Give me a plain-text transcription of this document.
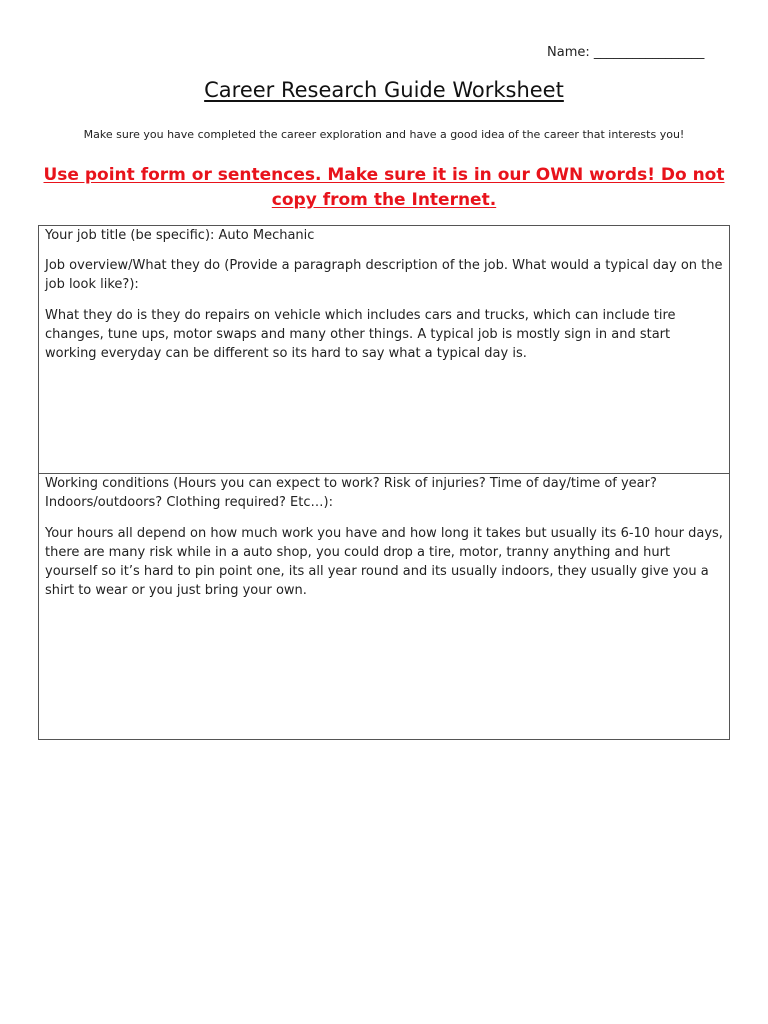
Name: _________________
Career Research Guide Worksheet
Make sure you have completed the career exploration and have a good idea of the career that interests you!
Use point form or sentences. Make sure it is in our OWN words! Do not copy from the Internet.

Your job title (be specific): Auto Mechanic

Job overview/What they do (Provide a paragraph description of the job. What would a typical day on the job look like?):

What they do is they do repairs on vehicle which includes cars and trucks, which can include tire changes, tune ups, motor swaps and many other things. A typical job is mostly sign in and start working everyday can be different so its hard to say what a typical day is.

Working conditions (Hours you can expect to work? Risk of injuries? Time of day/time of year? Indoors/outdoors? Clothing required? Etc…):

Your hours all depend on how much work you have and how long it takes but usually its 6-10 hour days, there are many risk while in a auto shop, you could drop a tire, motor, tranny anything and hurt yourself so it’s hard to pin point one, its all year round and its usually indoors, they usually give you a shirt to wear or you just bring your own.
